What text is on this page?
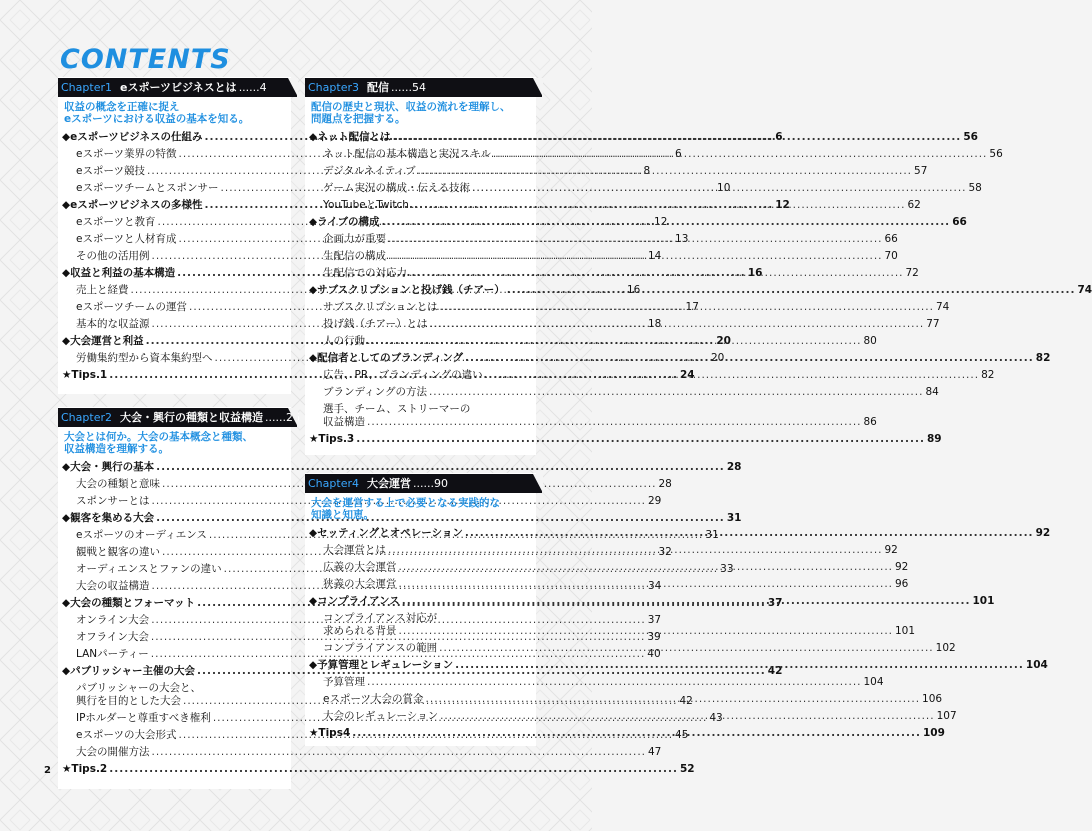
CONTENTS
Chapter1 eスポーツビジネスとは ......4
収益の概念を正確に捉え
eスポーツにおける収益の基本を知る。
◆eスポーツビジネスの仕組み .....	6
eスポーツ業界の特徴 .....	6
eスポーツ競技 .....	8
eスポーツチームとスポンサー .....	10
◆eスポーツビジネスの多様性 .....	12
eスポーツと教育 .....	12
eスポーツと人材育成 .....	13
その他の活用例 .....	14
◆収益と利益の基本構造 .....	16
売上と経費 .....	16
eスポーツチームの運営 .....	17
基本的な収益源 .....	18
◆大会運営と利益 .....	20
労働集約型から資本集約型へ .....	20
★Tips.1 .....	24
Chapter2 大会・興行の種類と収益構造 ......26
大会とは何か。大会の基本概念と種類、
収益構造を理解する。
◆大会・興行の基本 .....	28
大会の種類と意味 .....	28
スポンサーとは .....	29
◆観客を集める大会 .....	31
eスポーツのオーディエンス .....	31
観戦と観客の違い .....	32
オーディエンスとファンの違い .....	33
大会の収益構造 .....	34
◆大会の種類とフォーマット .....	37
オンライン大会 .....	37
オフライン大会 .....	39
LANパーティー .....	40
◆パブリッシャー主催の大会 .....	42
パブリッシャーの大会と、
興行を目的とした大会 .....	42
IPホルダーと尊重すべき権利 .....	43
eスポーツの大会形式 .....	45
大会の開催方法 .....	47
★Tips.2 .....	52
Chapter3 配信 ......54
配信の歴史と現状、収益の流れを理解し、
問題点を把握する。
◆ネット配信とは .....	56
ネット配信の基本構造と実況スキル .....	56
デジタルネイティブ .....	57
ゲーム実況の構成・伝える技術 .....	58
YouTubeとTwitch .....	62
◆ライブの構成 .....	66
企画力が重要 .....	66
生配信の構成 .....	70
生配信での対応力 .....	72
◆サブスクリプションと投げ銭（チアー） .....	74
サブスクリプションとは .....	74
投げ銭（チアー）とは .....	77
人の行動 .....	80
◆配信者としてのブランディング .....	82
広告、PR、ブランディングの違い .....	82
ブランディングの方法 .....	84
選手、チーム、ストリーマーの
収益構造 .....	86
★Tips.3 .....	89
Chapter4 大会運営 ......90
大会を運営する上で必要となる実践的な
知識と知恵。
◆セッティングとオペレーション .....	92
大会運営とは .....	92
広義の大会運営 .....	92
狭義の大会運営 .....	96
◆コンプライアンス .....	101
コンプライアンス対応が
求められる背景 .....	101
コンプライアンスの範囲 .....	102
◆予算管理とレギュレーション .....	104
予算管理 .....	104
eスポーツ大会の賞金 .....	106
大会のレギュレーション .....	107
★Tips4 .....	109
2
